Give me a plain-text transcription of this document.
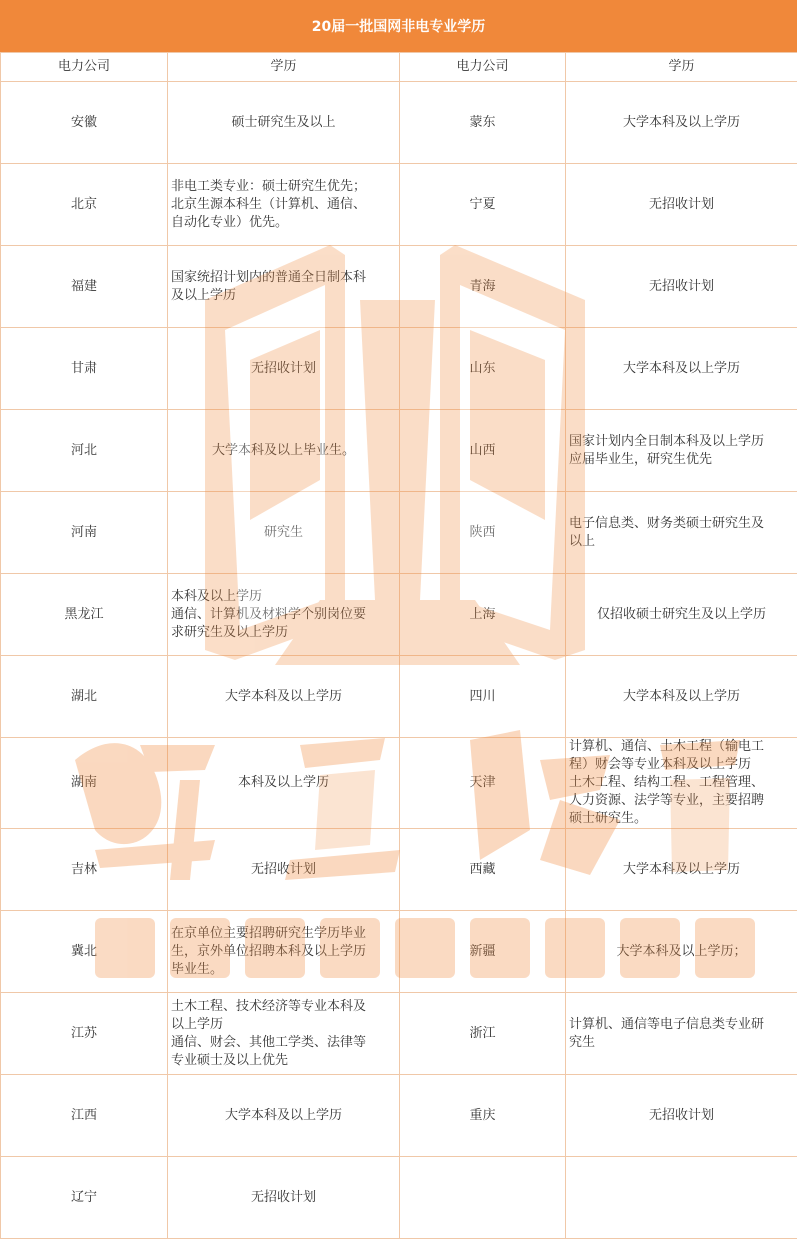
20届一批国网非电专业学历
电力公司	学历	电力公司	学历
安徽	硕士研究生及以上	蒙东	大学本科及以上学历
北京	非电工类专业：硕士研究生优先；
北京生源本科生（计算机、通信、
自动化专业）优先。	宁夏	无招收计划
福建	国家统招计划内的普通全日制本科
及以上学历	青海	无招收计划
甘肃	无招收计划	山东	大学本科及以上学历
河北	大学本科及以上毕业生。	山西	国家计划内全日制本科及以上学历
应届毕业生，研究生优先
河南	研究生	陕西	电子信息类、财务类硕士研究生及
以上
黑龙江	本科及以上学历
通信、计算机及材料学个别岗位要
求研究生及以上学历	上海	仅招收硕士研究生及以上学历
湖北	大学本科及以上学历	四川	大学本科及以上学历
湖南	本科及以上学历	天津	计算机、通信、土木工程（输电工
程）财会等专业本科及以上学历
土木工程、结构工程、工程管理、
人力资源、法学等专业，主要招聘
硕士研究生。
吉林	无招收计划	西藏	大学本科及以上学历
冀北	在京单位主要招聘研究生学历毕业
生，京外单位招聘本科及以上学历
毕业生。	新疆	大学本科及以上学历；
江苏	土木工程、技术经济等专业本科及
以上学历
通信、财会、其他工学类、法律等
专业硕士及以上优先	浙江	计算机、通信等电子信息类专业研
究生
江西	大学本科及以上学历	重庆	无招收计划
辽宁	无招收计划		
